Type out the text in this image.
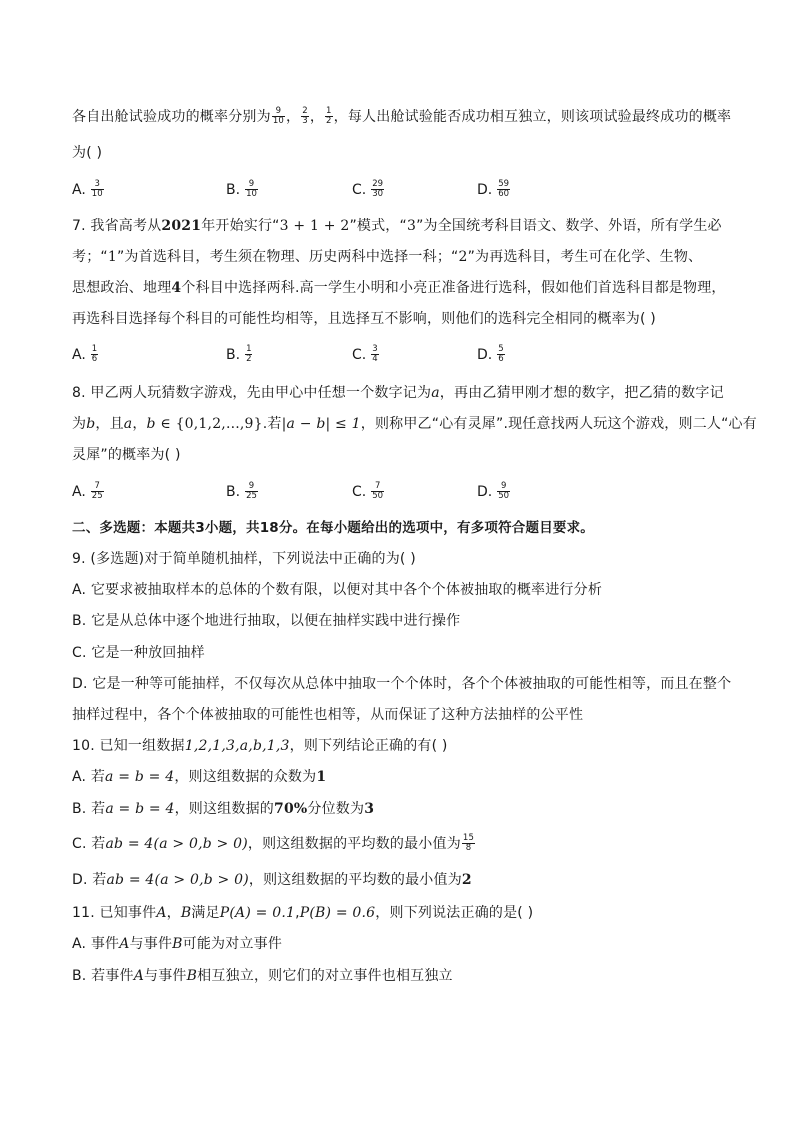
各自出舱试验成功的概率分别为 $\frac{9}{10}$ ， $\frac{2}{3}$ ， $\frac{1}{2}$ ，每人出舱试验能否成功相互独立，则该项试验最终成功的概率
为( )
A. $\frac{3}{10}$	B. $\frac{9}{10}$	C. $\frac{29}{30}$	D. $\frac{59}{60}$
7. 我省高考从2021年开始实行“3 + 1 + 2”模式，“3”为全国统考科目语文、数学、外语，所有学生必
考；“1”为首选科目，考生须在物理、历史两科中选择一科；“2”为再选科目，考生可在化学、生物、
思想政治、地理4个科目中选择两科.高一学生小明和小亮正准备进行选科，假如他们首选科目都是物理，
再选科目选择每个科目的可能性均相等，且选择互不影响，则他们的选科完全相同的概率为( )
A. $\frac{1}{6}$	B. $\frac{1}{2}$	C. $\frac{3}{4}$	D. $\frac{5}{6}$
8. 甲乙两人玩猜数字游戏，先由甲心中任想一个数字记为a，再由乙猜甲刚才想的数字，把乙猜的数字记
为b，且a，b ∈ {0,1,2,...,9}.若|a − b| ≤ 1，则称甲乙“心有灵犀”.现任意找两人玩这个游戏，则二人“心有
灵犀”的概率为( )
A. $\frac{7}{25}$	B. $\frac{9}{25}$	C. $\frac{7}{50}$	D. $\frac{9}{50}$
二、多选题：本题共3小题，共18分。在每小题给出的选项中，有多项符合题目要求。
9. (多选题)对于简单随机抽样，下列说法中正确的为( )
A. 它要求被抽取样本的总体的个数有限，以便对其中各个个体被抽取的概率进行分析
B. 它是从总体中逐个地进行抽取，以便在抽样实践中进行操作
C. 它是一种放回抽样
D. 它是一种等可能抽样，不仅每次从总体中抽取一个个体时，各个个体被抽取的可能性相等，而且在整个
抽样过程中，各个个体被抽取的可能性也相等，从而保证了这种方法抽样的公平性
10. 已知一组数据1,2,1,3,a,b,1,3，则下列结论正确的有( )
A. 若a = b = 4，则这组数据的众数为1
B. 若a = b = 4，则这组数据的70%分位数为3
C. 若ab = 4(a > 0,b > 0)，则这组数据的平均数的最小值为 $\frac{15}{8}$
D. 若ab = 4(a > 0,b > 0)，则这组数据的平均数的最小值为2
11. 已知事件A，B满足P(A) = 0.1,P(B) = 0.6，则下列说法正确的是( )
A. 事件A与事件B可能为对立事件
B. 若事件A与事件B相互独立，则它们的对立事件也相互独立
